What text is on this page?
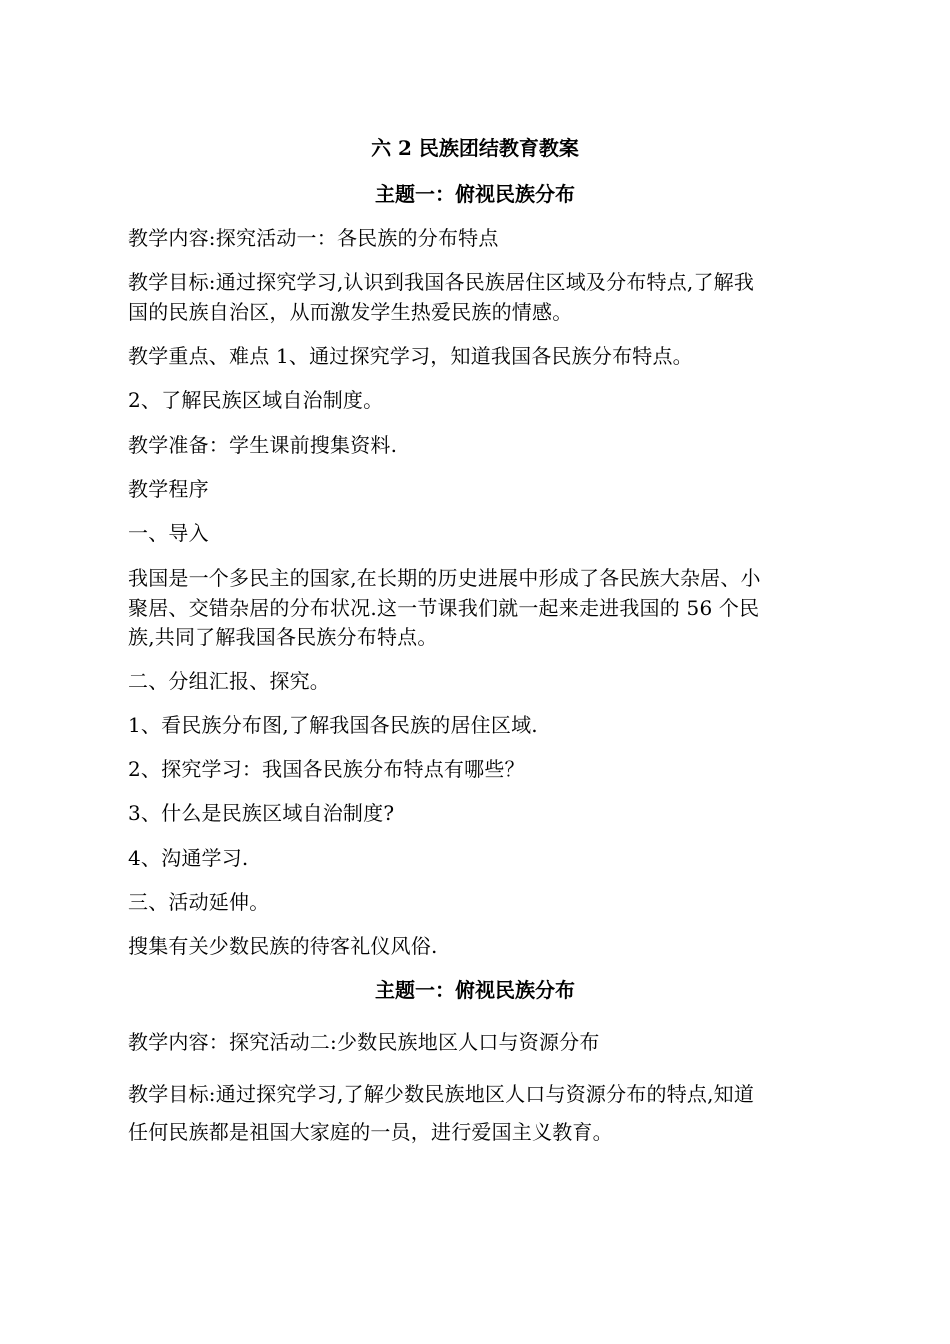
六 2 民族团结教育教案
主题一：俯视民族分布
教学内容:探究活动一：各民族的分布特点
教学目标:通过探究学习,认识到我国各民族居住区域及分布特点,了解我
国的民族自治区，从而激发学生热爱民族的情感。
教学重点、难点 1、通过探究学习，知道我国各民族分布特点。
2、了解民族区域自治制度。
教学准备：学生课前搜集资料.
教学程序
一、导入
我国是一个多民主的国家,在长期的历史进展中形成了各民族大杂居、小
聚居、交错杂居的分布状况.这一节课我们就一起来走进我国的 56 个民
族,共同了解我国各民族分布特点。
二、分组汇报、探究。
1、看民族分布图,了解我国各民族的居住区域.
2、探究学习：我国各民族分布特点有哪些？
3、什么是民族区域自治制度?
4、沟通学习.
三、活动延伸。
搜集有关少数民族的待客礼仪风俗.
主题一：俯视民族分布
教学内容：探究活动二:少数民族地区人口与资源分布
教学目标:通过探究学习,了解少数民族地区人口与资源分布的特点,知道
任何民族都是祖国大家庭的一员，进行爱国主义教育。
